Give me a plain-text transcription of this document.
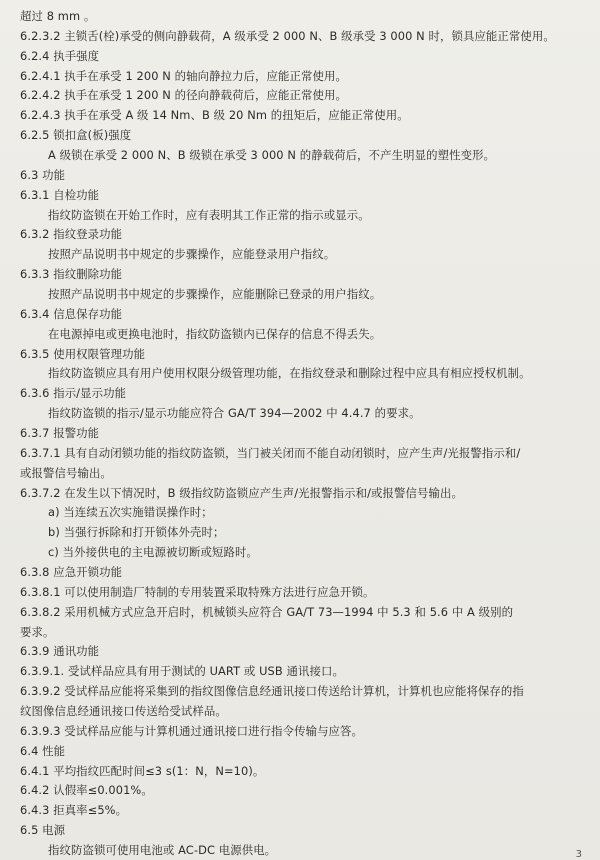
超过 8 mm 。
6.2.3.2 主锁舌(栓)承受的侧向静载荷，A 级承受 2 000 N、B 级承受 3 000 N 时，锁具应能正常使用。
6.2.4 执手强度
6.2.4.1 执手在承受 1 200 N 的轴向静拉力后，应能正常使用。
6.2.4.2 执手在承受 1 200 N 的径向静载荷后，应能正常使用。
6.2.4.3 执手在承受 A 级 14 Nm、B 级 20 Nm 的扭矩后，应能正常使用。
6.2.5 锁扣盒(板)强度
A 级锁在承受 2 000 N、B 级锁在承受 3 000 N 的静载荷后，不产生明显的塑性变形。
6.3 功能
6.3.1 自检功能
指纹防盗锁在开始工作时，应有表明其工作正常的指示或显示。
6.3.2 指纹登录功能
按照产品说明书中规定的步骤操作，应能登录用户指纹。
6.3.3 指纹删除功能
按照产品说明书中规定的步骤操作，应能删除已登录的用户指纹。
6.3.4 信息保存功能
在电源掉电或更换电池时，指纹防盗锁内已保存的信息不得丢失。
6.3.5 使用权限管理功能
指纹防盗锁应具有用户使用权限分级管理功能，在指纹登录和删除过程中应具有相应授权机制。
6.3.6 指示/显示功能
指纹防盗锁的指示/显示功能应符合 GA/T 394—2002 中 4.4.7 的要求。
6.3.7 报警功能
6.3.7.1 具有自动闭锁功能的指纹防盗锁，当门被关闭而不能自动闭锁时，应产生声/光报警指示和/
或报警信号输出。
6.3.7.2 在发生以下情况时，B 级指纹防盗锁应产生声/光报警指示和/或报警信号输出。
a) 当连续五次实施错误操作时；
b) 当强行拆除和打开锁体外壳时；
c) 当外接供电的主电源被切断或短路时。
6.3.8 应急开锁功能
6.3.8.1 可以使用制造厂特制的专用装置采取特殊方法进行应急开锁。
6.3.8.2 采用机械方式应急开启时，机械锁头应符合 GA/T 73—1994 中 5.3 和 5.6 中 A 级别的
要求。
6.3.9 通讯功能
6.3.9.1. 受试样品应具有用于测试的 UART 或 USB 通讯接口。
6.3.9.2 受试样品应能将采集到的指纹图像信息经通讯接口传送给计算机，计算机也应能将保存的指
纹图像信息经通讯接口传送给受试样品。
6.3.9.3 受试样品应能与计算机通过通讯接口进行指令传输与应答。
6.4 性能
6.4.1 平均指纹匹配时间≤3 s(1：N，N=10)。
6.4.2 认假率≤0.001%。
6.4.3 拒真率≤5%。
6.5 电源
指纹防盗锁可使用电池或 AC-DC 电源供电。	3
